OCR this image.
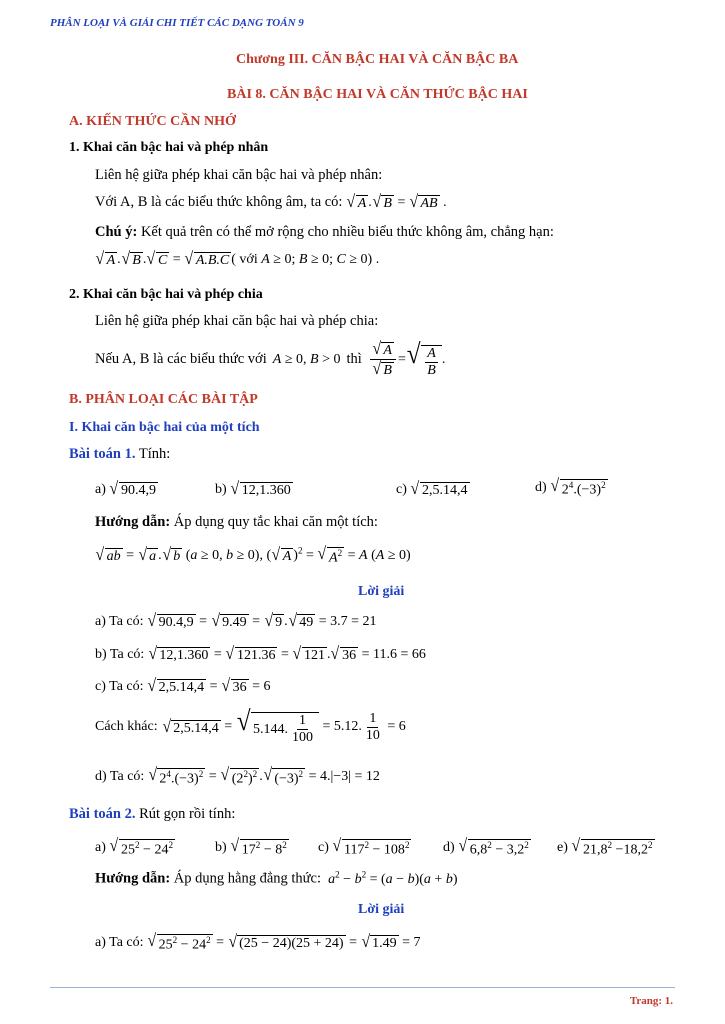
PHÂN LOẠI VÀ GIẢI CHI TIẾT CÁC DẠNG TOÁN 9
Chương III. CĂN BẬC HAI VÀ CĂN BẬC BA
BÀI 8. CĂN BẬC HAI VÀ CĂN THỨC BẬC HAI
A. KIẾN THỨC CẦN NHỚ
1. Khai căn bậc hai và phép nhân
Liên hệ giữa phép khai căn bậc hai và phép nhân:
Với A, B là các biểu thức không âm, ta có: √ A . √ B = √ AB .
Chú ý: Kết quả trên có thể mở rộng cho nhiều biểu thức không âm, chẳng hạn:
√ A . √ B . √ C = √ A.B.C ( với A ≥ 0; B ≥ 0; C ≥ 0) .
2. Khai căn bậc hai và phép chia
Liên hệ giữa phép khai căn bậc hai và phép chia:
Nếu A, B là các biểu thức với A ≥ 0, B > 0 thì $\frac{√ A}{√ B}$ = √ $\frac{A}{B}$ .
B. PHÂN LOẠI CÁC BÀI TẬP
I. Khai căn bậc hai của một tích
Bài toán 1. Tính:
a) √ 90.4,9	b) √ 12,1.360	c) √ 2,5.14,4	d) √ $2^4.(-3)^2$
Hướng dẫn: Áp dụng quy tắc khai căn một tích:
√ ab = √ a . √ b (a ≥ 0, b ≥ 0), ( √ A )$^2$ = √ $A^2 = A$ (A ≥ 0)
Lời giải
a) Ta có: √ 90.4,9 = √ 9.49 = √ 9 . √ 49 = 3.7 = 21
b) Ta có: √ 12,1.360 = √ 121.36 = √ 121 . √ 36 = 11.6 = 66
c) Ta có: √ 2,5.14,4 = √ 36 = 6
Cách khác: √ 2,5.14,4 = √ 5.144. $\frac{1}{100} = 5.12$. $\frac{1}{10} = 6$
d) Ta có: √ $2^4.(-3)^2$ = √ $(2^2)^2$ . √ $(-3)^2 = 4.|-3| = 12$
Bài toán 2. Rút gọn rồi tính:
a) √ $25^2 - 24^2$	b) √ $17^2 - 8^2$ c) √ $117^2 - 108^2$ d) √ $6,8^2 - 3,2^2$ e) √ $21,8^2 -18,2^2$
Hướng dẫn: Áp dụng hằng đẳng thức: $a^2 - b^2 = (a - b)(a + b)$
Lời giải
a) Ta có: √ $25^2 - 24^2$ = √ (25 − 24)(25 + 24) = √ 1.49 = 7
Trang: 1.
